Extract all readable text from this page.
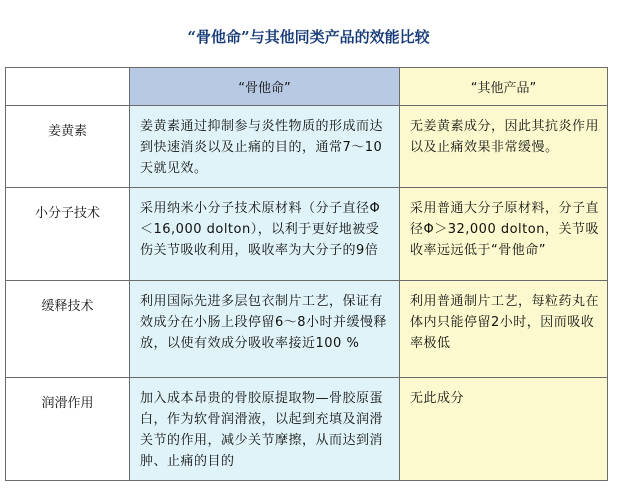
“骨他命”与其他同类产品的效能比较
	“骨他命”	“其他产品”
姜黄素	姜黄素通过抑制参与炎性物质的形成而达到快速消炎以及止痛的目的，通常7～10天就见效。	无姜黄素成分，因此其抗炎作用以及止痛效果非常缓慢。

小分子技术	采用纳米小分子技术原材料（分子直径Φ＜16,000 dolton），以利于更好地被受伤关节吸收利用，吸收率为大分子的9倍	采用普通大分子原材料，分子直径Φ＞32,000 dolton，关节吸收率远远低于“骨他命”

缓释技术	利用国际先进多层包衣制片工艺，保证有效成分在小肠上段停留6～8小时并缓慢释放，以使有效成分吸收率接近100 %	利用普通制片工艺，每粒药丸在体内只能停留2小时，因而吸收率极低

润滑作用	加入成本昂贵的骨胶原提取物—骨胶原蛋白，作为软骨润滑液，以起到充填及润滑关节的作用，减少关节摩擦，从而达到消肿、止痛的目的	无此成分
